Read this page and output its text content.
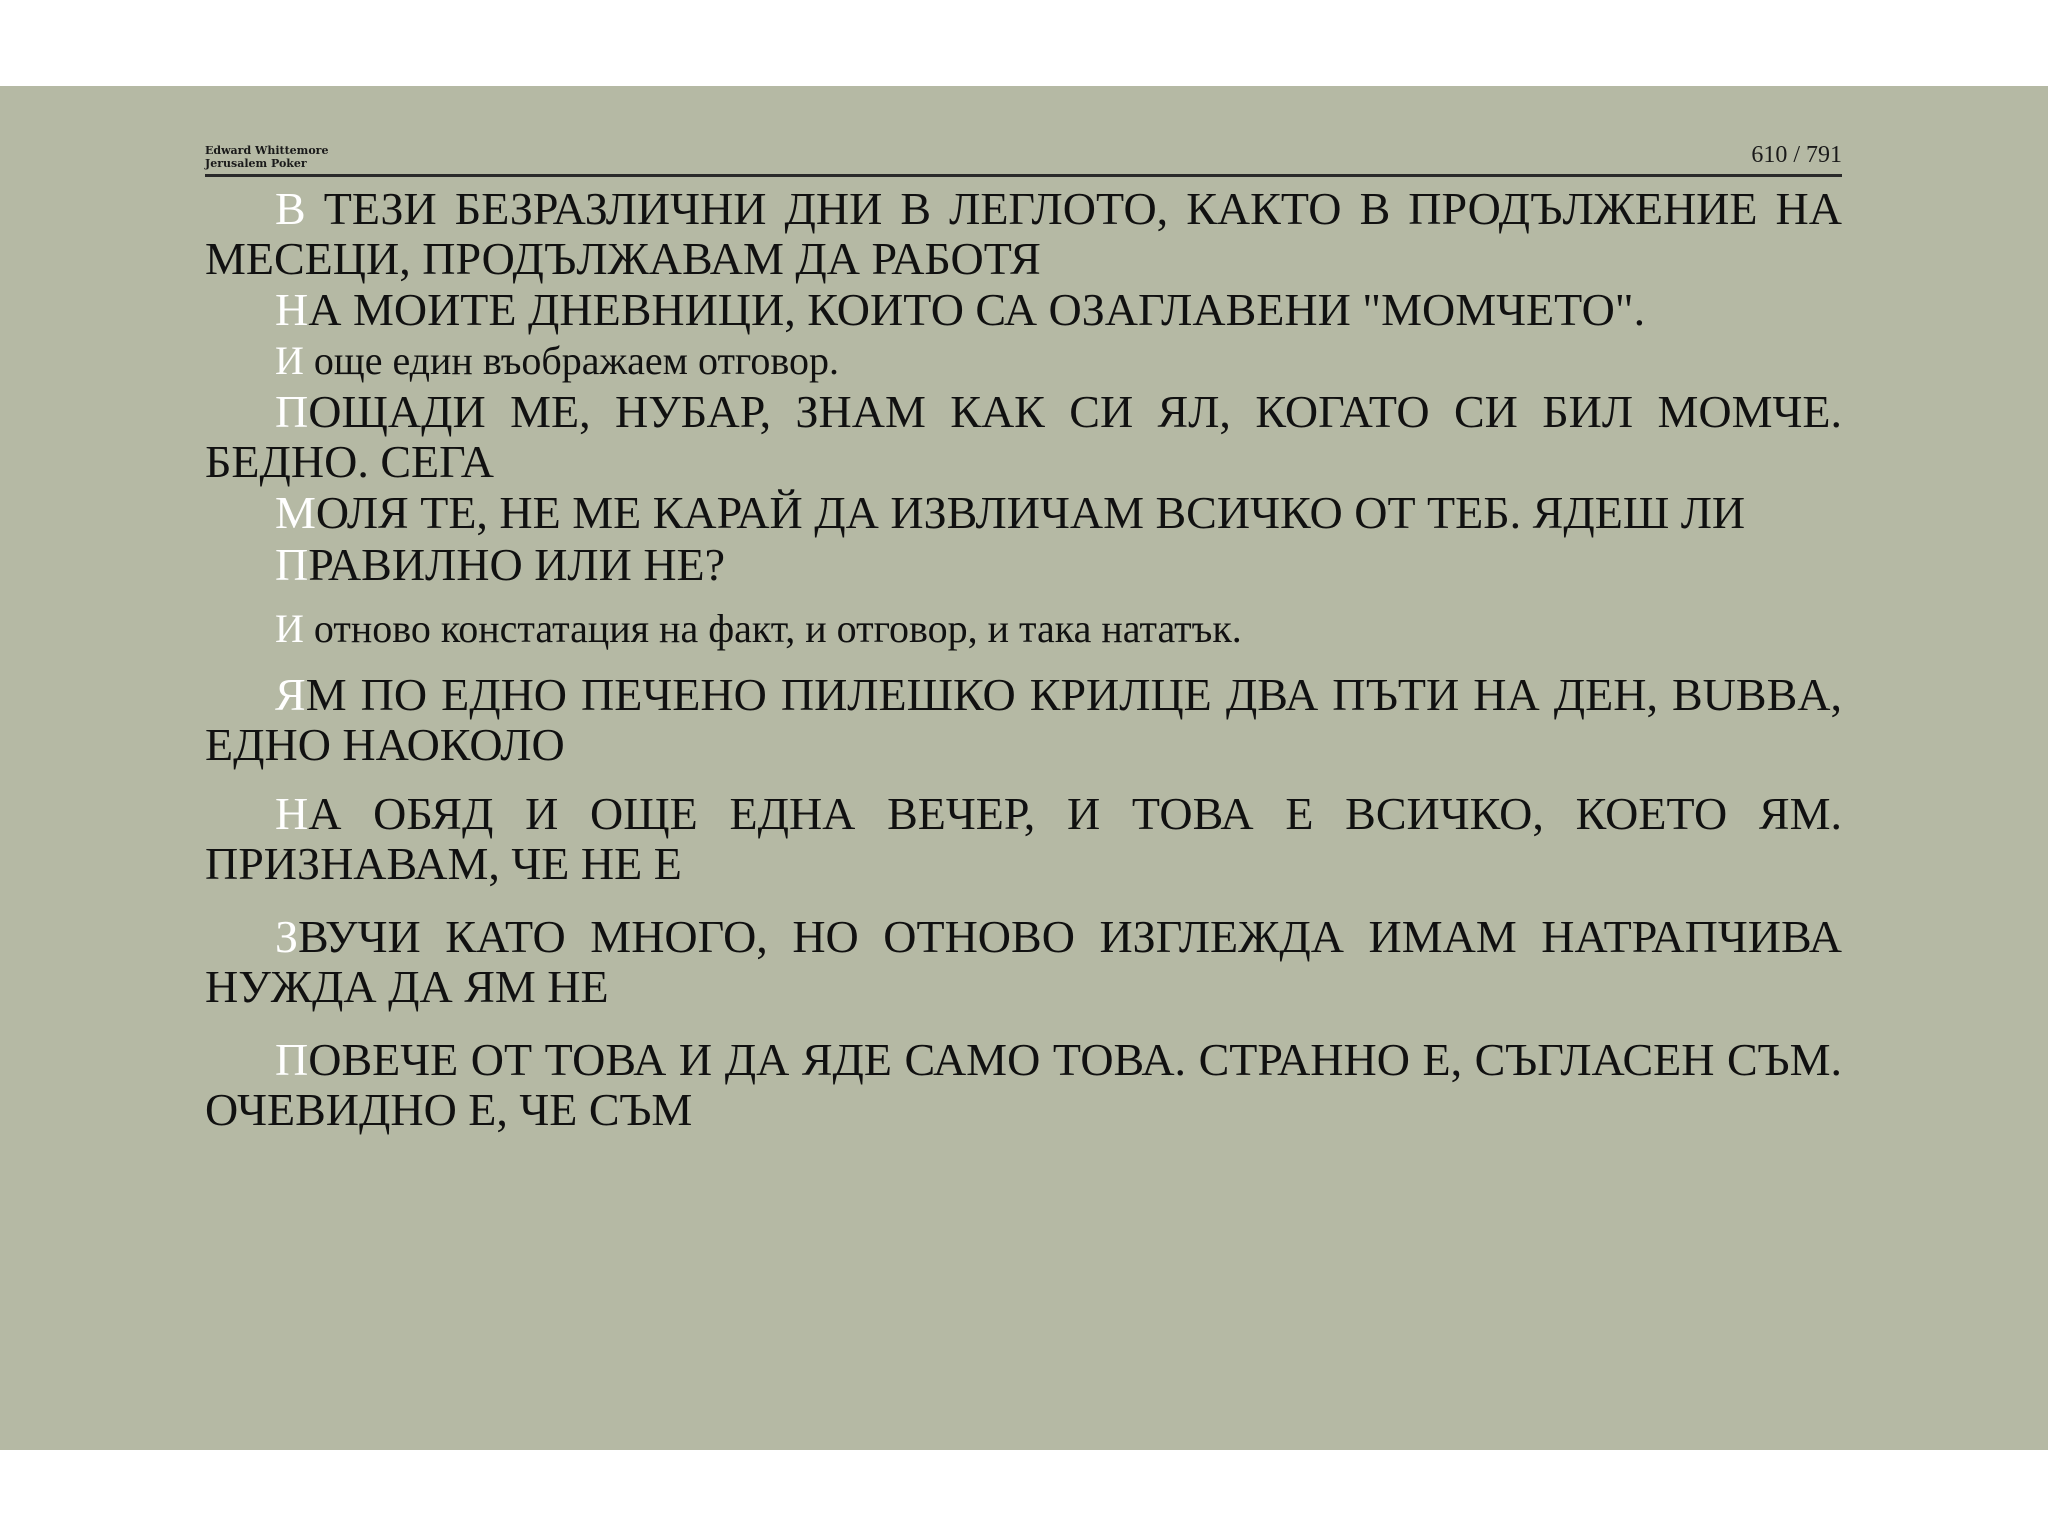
Edward Whittemore
Jerusalem Poker	610 / 791

В ТЕЗИ БЕЗРАЗЛИЧНИ ДНИ В ЛЕГЛОТО, КАКТО В ПРОДЪЛЖЕНИЕ НА МЕСЕЦИ, ПРОДЪЛЖАВАМ ДА РАБОТЯ

НА МОИТЕ ДНЕВНИЦИ, КОИТО СА ОЗАГЛАВЕНИ "МОМЧЕТО".

И още един въображаем отговор.

ПОЩАДИ МЕ, НУБАР, ЗНАМ КАК СИ ЯЛ, КОГАТО СИ БИЛ МОМЧЕ. БЕДНО. СЕГА

МОЛЯ ТЕ, НЕ МЕ КАРАЙ ДА ИЗВЛИЧАМ ВСИЧКО ОТ ТЕБ. ЯДЕШ ЛИ

ПРАВИЛНО ИЛИ НЕ?

И отново констатация на факт, и отговор, и така нататък.

ЯМ ПО ЕДНО ПЕЧЕНО ПИЛЕШКО КРИЛЦЕ ДВА ПЪТИ НА ДЕН, BUBBA, ЕДНО НАОКОЛО

НА ОБЯД И ОЩЕ ЕДНА ВЕЧЕР, И ТОВА Е ВСИЧКО, КОЕТО ЯМ. ПРИЗНАВАМ, ЧЕ НЕ Е

ЗВУЧИ КАТО МНОГО, НО ОТНОВО ИЗГЛЕЖДА ИМАМ НАТРАПЧИВА НУЖДА ДА ЯМ НЕ

ПОВЕЧЕ ОТ ТОВА И ДА ЯДЕ САМО ТОВА. СТРАННО Е, СЪГЛАСЕН СЪМ. ОЧЕВИДНО Е, ЧЕ СЪМ
